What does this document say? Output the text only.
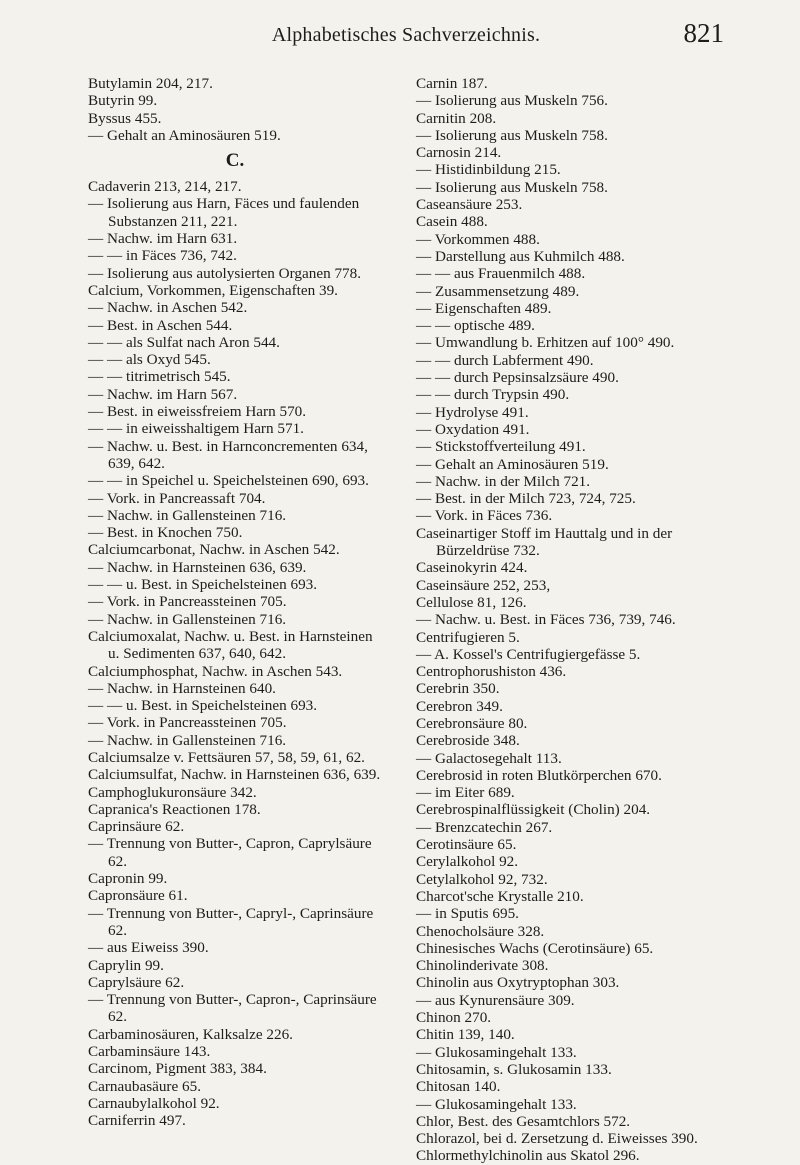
Alphabetisches Sachverzeichnis.	821

Butylamin 204, 217.

Butyrin 99.

Byssus 455.

— Gehalt an Aminosäuren 519.

C.

Cadaverin 213, 214, 217.

— Isolierung aus Harn, Fäces und faulenden Substanzen 211, 221.

— Nachw. im Harn 631.

— — in Fäces 736, 742.

— Isolierung aus autolysierten Organen 778.

Calcium, Vorkommen, Eigenschaften 39.

— Nachw. in Aschen 542.

— Best. in Aschen 544.

— — als Sulfat nach Aron 544.

— — als Oxyd 545.

— — titrimetrisch 545.

— Nachw. im Harn 567.

— Best. in eiweissfreiem Harn 570.

— — in eiweisshaltigem Harn 571.

— Nachw. u. Best. in Harnconcrementen 634, 639, 642.

— — in Speichel u. Speichelsteinen 690, 693.

— Vork. in Pancreassaft 704.

— Nachw. in Gallensteinen 716.

— Best. in Knochen 750.

Calciumcarbonat, Nachw. in Aschen 542.

— Nachw. in Harnsteinen 636, 639.

— — u. Best. in Speichelsteinen 693.

— Vork. in Pancreassteinen 705.

— Nachw. in Gallensteinen 716.

Calciumoxalat, Nachw. u. Best. in Harnsteinen u. Sedimenten 637, 640, 642.

Calciumphosphat, Nachw. in Aschen 543.

— Nachw. in Harnsteinen 640.

— — u. Best. in Speichelsteinen 693.

— Vork. in Pancreassteinen 705.

— Nachw. in Gallensteinen 716.

Calciumsalze v. Fettsäuren 57, 58, 59, 61, 62.

Calciumsulfat, Nachw. in Harnsteinen 636, 639.

Camphoglukuronsäure 342.

Capranica's Reactionen 178.

Caprinsäure 62.

— Trennung von Butter-, Capron, Caprylsäure 62.

Capronin 99.

Capronsäure 61.

— Trennung von Butter-, Capryl-, Caprinsäure 62.

— aus Eiweiss 390.

Caprylin 99.

Caprylsäure 62.

— Trennung von Butter-, Capron-, Caprinsäure 62.

Carbaminosäuren, Kalksalze 226.

Carbaminsäure 143.

Carcinom, Pigment 383, 384.

Carnaubasäure 65.

Carnaubylalkohol 92.

Carniferrin 497.

Carnin 187.

— Isolierung aus Muskeln 756.

Carnitin 208.

— Isolierung aus Muskeln 758.

Carnosin 214.

— Histidinbildung 215.

— Isolierung aus Muskeln 758.

Caseansäure 253.

Casein 488.

— Vorkommen 488.

— Darstellung aus Kuhmilch 488.

— — aus Frauenmilch 488.

— Zusammensetzung 489.

— Eigenschaften 489.

— — optische 489.

— Umwandlung b. Erhitzen auf 100° 490.

— — durch Labferment 490.

— — durch Pepsinsalzsäure 490.

— — durch Trypsin 490.

— Hydrolyse 491.

— Oxydation 491.

— Stickstoffverteilung 491.

— Gehalt an Aminosäuren 519.

— Nachw. in der Milch 721.

— Best. in der Milch 723, 724, 725.

— Vork. in Fäces 736.

Caseinartiger Stoff im Hauttalg und in der Bürzeldrüse 732.

Caseinokyrin 424.

Caseinsäure 252, 253,

Cellulose 81, 126.

— Nachw. u. Best. in Fäces 736, 739, 746.

Centrifugieren 5.

— A. Kossel's Centrifugiergefässe 5.

Centrophorushiston 436.

Cerebrin 350.

Cerebron 349.

Cerebronsäure 80.

Cerebroside 348.

— Galactosegehalt 113.

Cerebrosid in roten Blutkörperchen 670.

— im Eiter 689.

Cerebrospinalflüssigkeit (Cholin) 204.

— Brenzcatechin 267.

Cerotinsäure 65.

Cerylalkohol 92.

Cetylalkohol 92, 732.

Charcot'sche Krystalle 210.

— in Sputis 695.

Chenocholsäure 328.

Chinesisches Wachs (Cerotinsäure) 65.

Chinolinderivate 308.

Chinolin aus Oxytryptophan 303.

— aus Kynurensäure 309.

Chinon 270.

Chitin 139, 140.

— Glukosamingehalt 133.

Chitosamin, s. Glukosamin 133.

Chitosan 140.

— Glukosamingehalt 133.

Chlor, Best. des Gesamtchlors 572.

Chlorazol, bei d. Zersetzung d. Eiweisses 390.

Chlormethylchinolin aus Skatol 296.
